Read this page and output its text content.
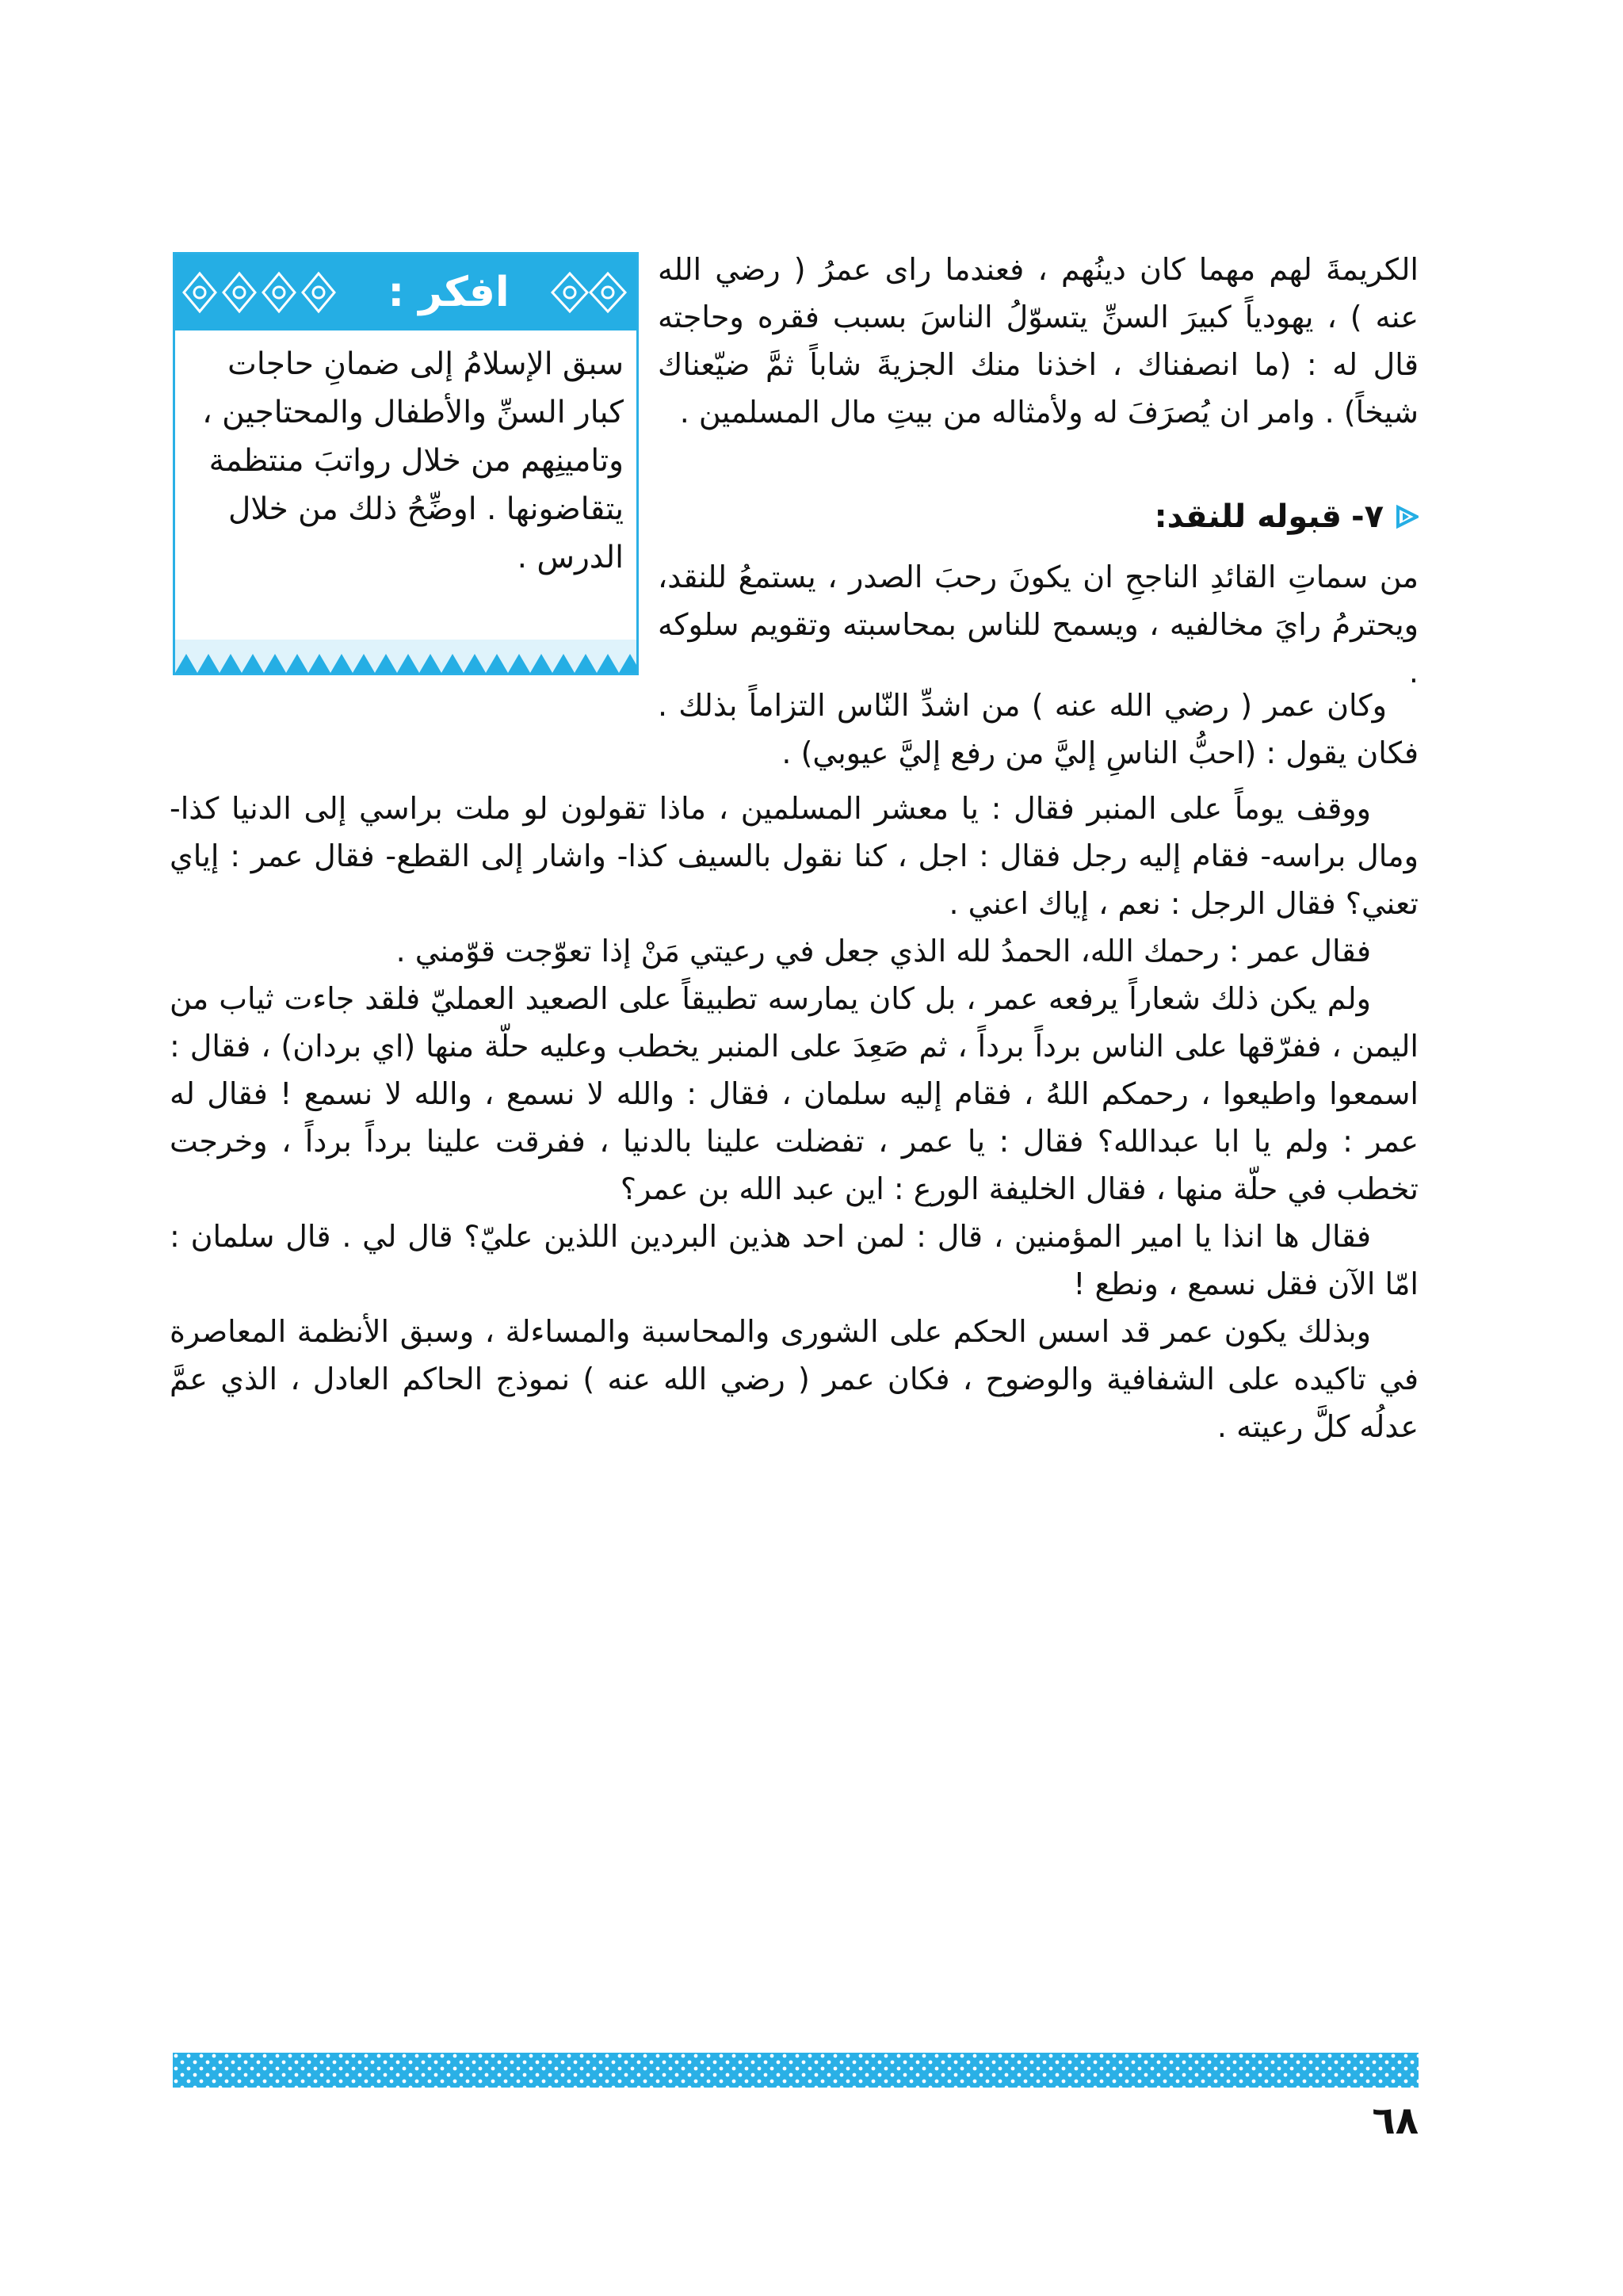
افكر :
سبق الإسلامُ إلى ضمانِ حاجات كبار السنِّ والأطفال والمحتاجين ، وتامينِهم من خلال رواتبَ منتظمة يتقاضونها . اوضِّحُ ذلك من خلال الدرس .

الكريمةَ لهم مهما كان دينُهم ، فعندما راى عمرُ ( رضي الله عنه ) ، يهودياً كبيرَ السنِّ يتسوّلُ الناسَ بسبب فقره وحاجته قال له : (ما انصفناك ، اخذنا منك الجزيةَ شاباً ثمَّ ضيّعناك شيخاً) . وامر ان يُصرَفَ له ولأمثاله من بيتِ مال المسلمين .

٧-
قبوله للنقد:

من سماتِ القائدِ الناجحِ ان يكونَ رحبَ الصدر ، يستمعُ للنقد، ويحترمُ رايَ مخالفيه ، ويسمح للناس بمحاسبته وتقويم سلوكه .

وكان عمر ( رضي الله عنه ) من اشدِّ النّاس التزاماً بذلك . فكان يقول : (احبُّ الناسِ إليَّ من رفع إليَّ عيوبي) .

ووقف يوماً على المنبر فقال : يا معشر المسلمين ، ماذا تقولون لو ملت براسي إلى الدنيا كذا- ومال براسه- فقام إليه رجل فقال : اجل ، كنا نقول بالسيف كذا- واشار إلى القطع- فقال عمر : إياي تعني؟ فقال الرجل : نعم ، إياك اعني .

فقال عمر : رحمك الله، الحمدُ لله الذي جعل في رعيتي مَنْ إذا تعوّجت قوّمني .

ولم يكن ذلك شعاراً يرفعه عمر ، بل كان يمارسه تطبيقاً على الصعيد العمليّ فلقد جاءت ثياب من اليمن ، ففرّقها على الناس برداً برداً ، ثم صَعِدَ على المنبر يخطب وعليه حلّة منها (اي بردان) ، فقال : اسمعوا واطيعوا ، رحمكم اللهُ ، فقام إليه سلمان ، فقال : والله لا نسمع ، والله لا نسمع ! فقال له عمر : ولم يا ابا عبدالله؟ فقال : يا عمر ، تفضلت علينا بالدنيا ، ففرقت علينا برداً برداً ، وخرجت تخطب في حلّة منها ، فقال الخليفة الورع : اين عبد الله بن عمر؟

فقال ها انذا يا امير المؤمنين ، قال : لمن احد هذين البردين اللذين عليّ؟ قال لي . قال سلمان : امّا الآن فقل نسمع ، ونطع !

وبذلك يكون عمر قد اسس الحكم على الشورى والمحاسبة والمساءلة ، وسبق الأنظمة المعاصرة في تاكيده على الشفافية والوضوح ، فكان عمر ( رضي الله عنه ) نموذج الحاكم العادل ، الذي عمَّ عدلُه كلَّ رعيته .

٦٨
